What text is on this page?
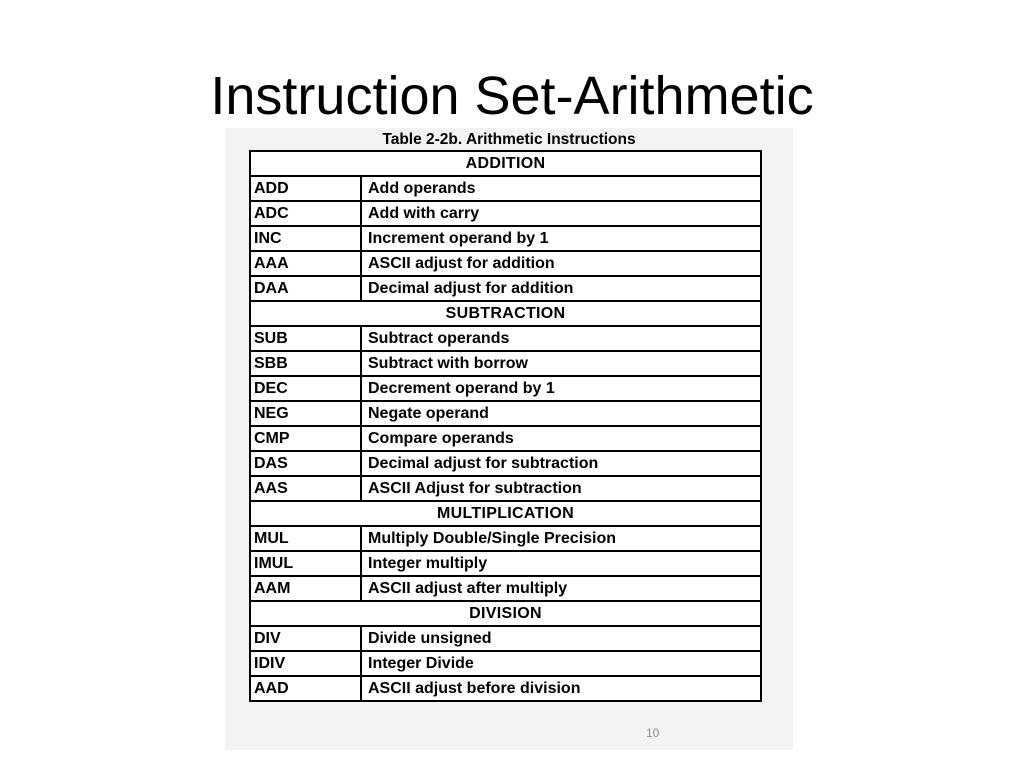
Instruction Set-Arithmetic
Table 2-2b. Arithmetic Instructions
ADDITION	
ADD	Add operands
ADC	Add with carry
INC	Increment operand by 1
AAA	ASCII adjust for addition
DAA	Decimal adjust for addition
SUBTRACTION	
SUB	Subtract operands
SBB	Subtract with borrow
DEC	Decrement operand by 1
NEG	Negate operand
CMP	Compare operands
DAS	Decimal adjust for subtraction
AAS	ASCII Adjust for subtraction
MULTIPLICATION	
MUL	Multiply Double/Single Precision
IMUL	Integer multiply
AAM	ASCII adjust after multiply
DIVISION	
DIV	Divide unsigned
IDIV	Integer Divide
AAD	ASCII adjust before division
10
